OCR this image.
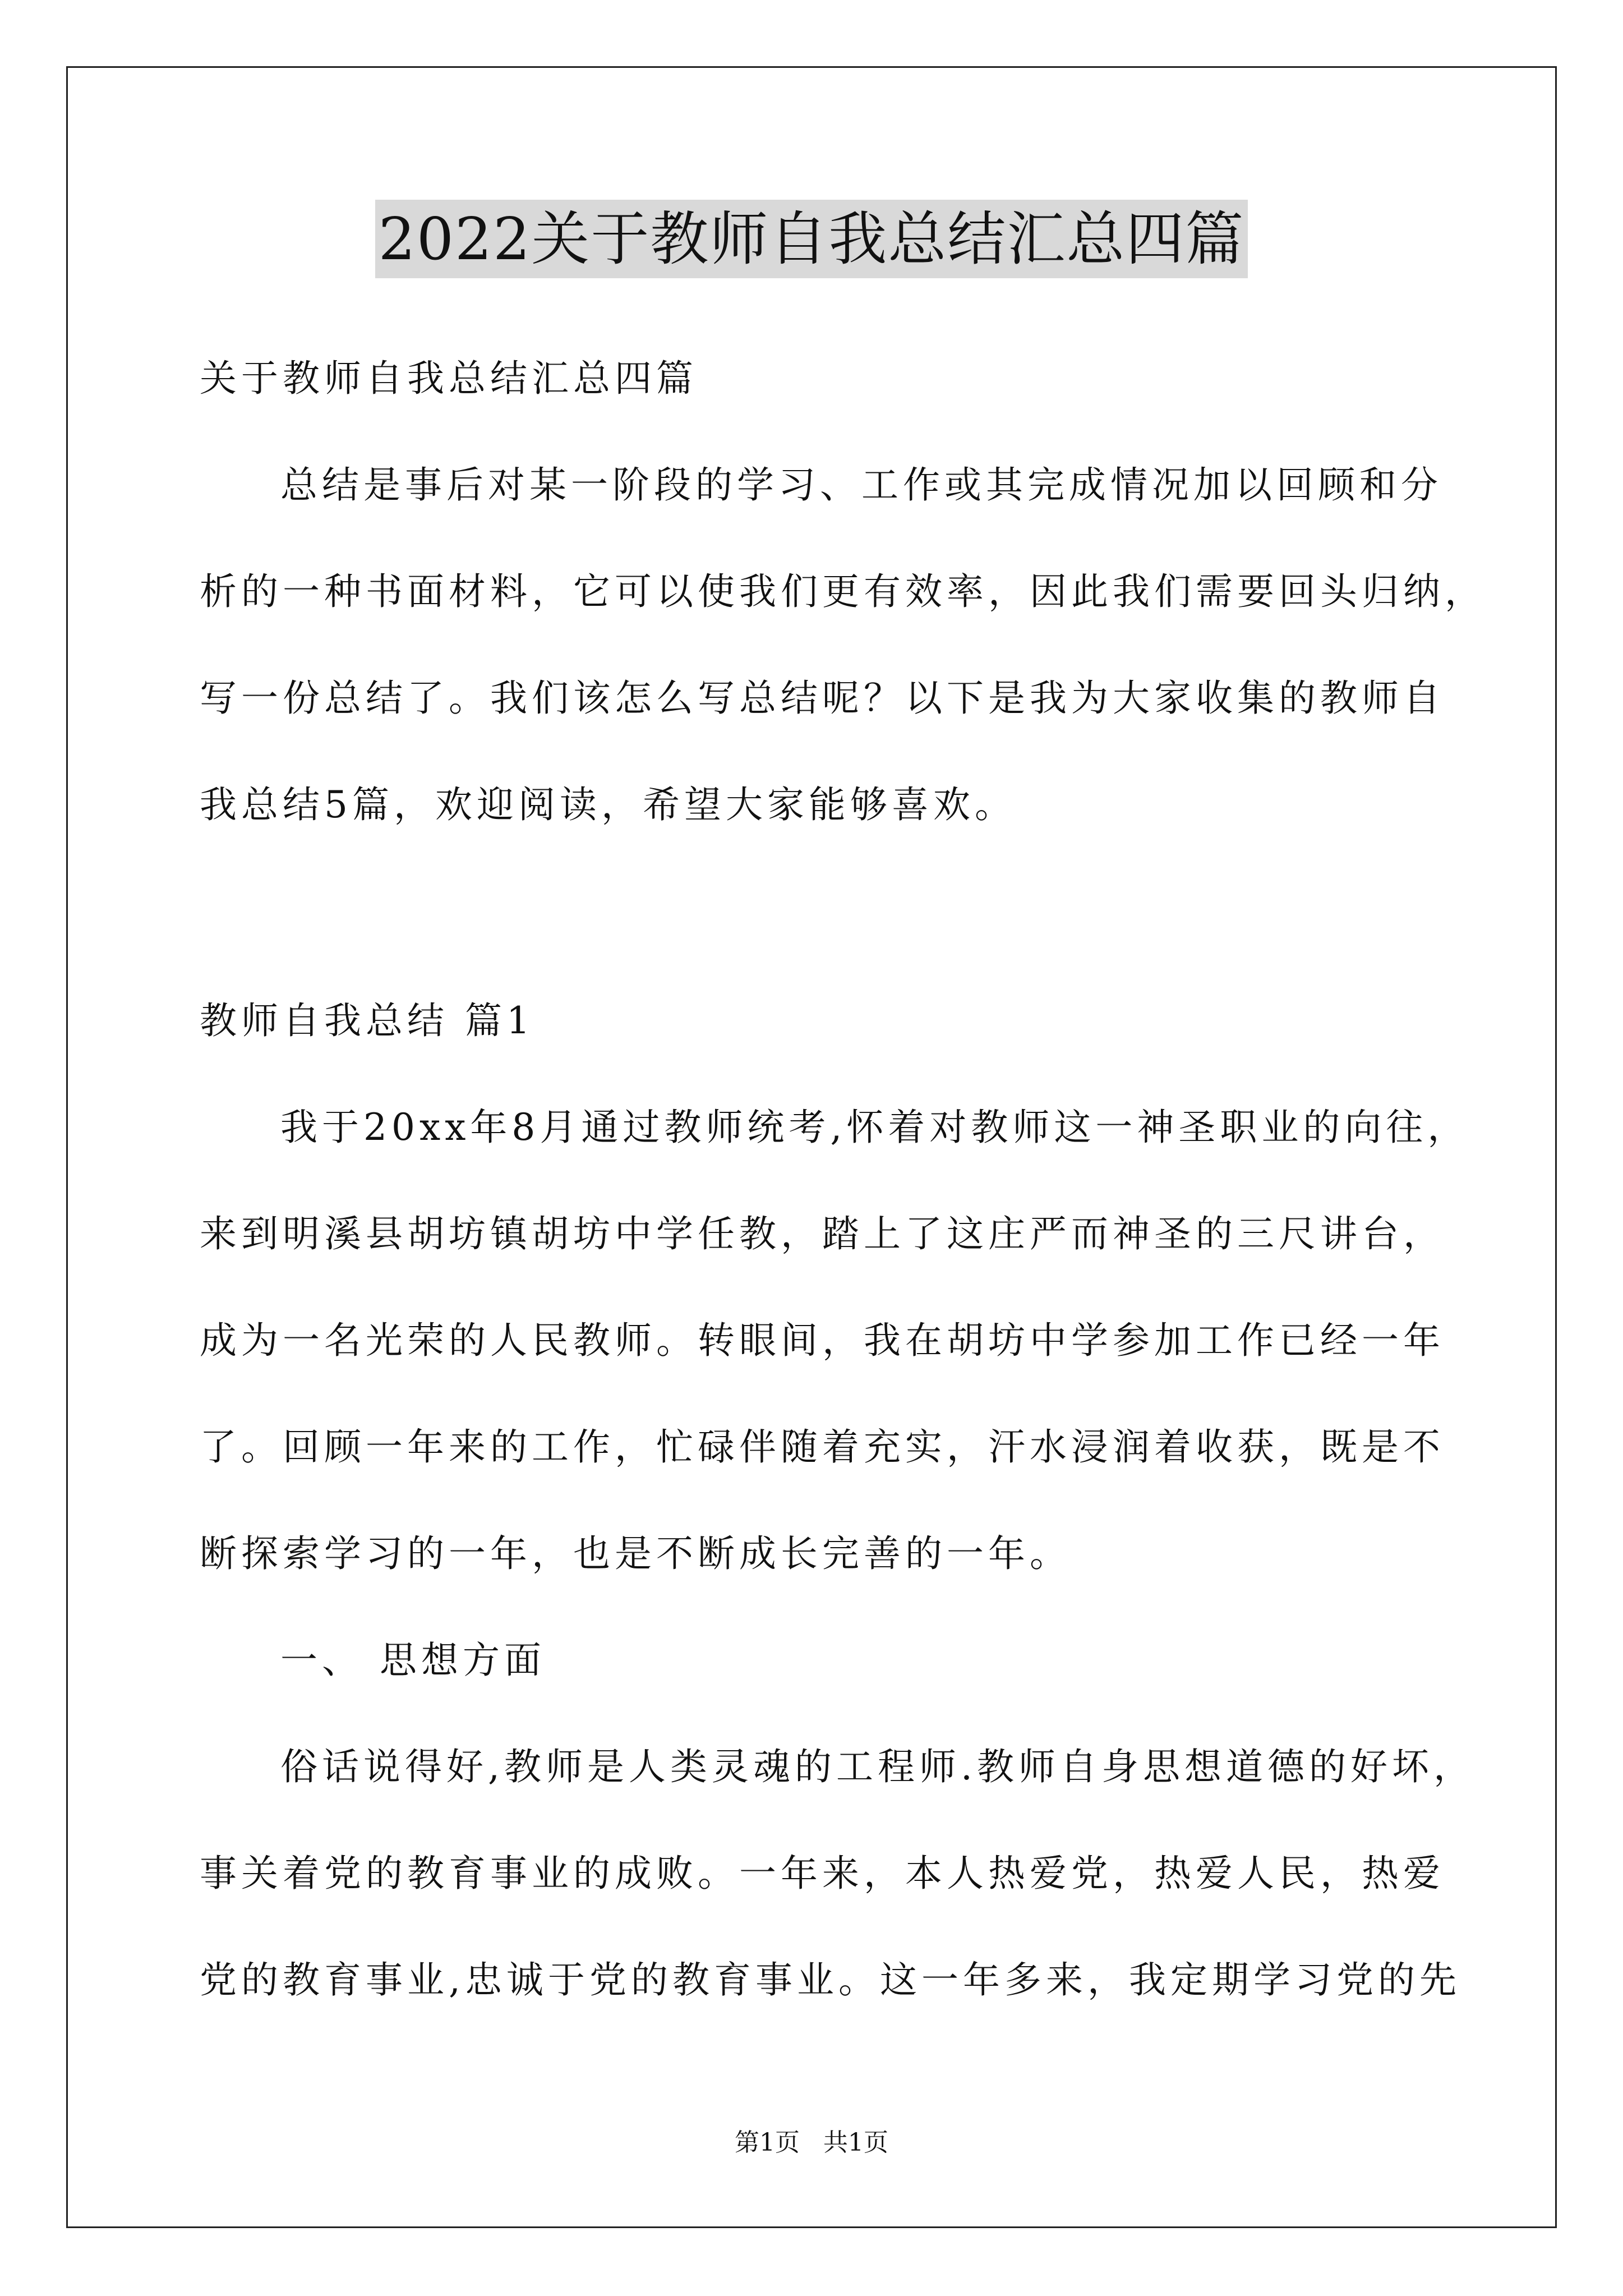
2022关于教师自我总结汇总四篇
关于教师自我总结汇总四篇
总结是事后对某一阶段的学习、工作或其完成情况加以回顾和分
析的一种书面材料，它可以使我们更有效率，因此我们需要回头归纳，
写一份总结了。我们该怎么写总结呢？以下是我为大家收集的教师自
我总结5篇，欢迎阅读，希望大家能够喜欢。
教师自我总结 篇1
我于20xx年8月通过教师统考,怀着对教师这一神圣职业的向往，
来到明溪县胡坊镇胡坊中学任教，踏上了这庄严而神圣的三尺讲台，
成为一名光荣的人民教师。转眼间，我在胡坊中学参加工作已经一年
了。回顾一年来的工作，忙碌伴随着充实，汗水浸润着收获，既是不
断探索学习的一年，也是不断成长完善的一年。
一、 思想方面
俗话说得好,教师是人类灵魂的工程师.教师自身思想道德的好坏，
事关着党的教育事业的成败。一年来，本人热爱党，热爱人民，热爱
党的教育事业,忠诚于党的教育事业。这一年多来，我定期学习党的先
第1页   共1页
